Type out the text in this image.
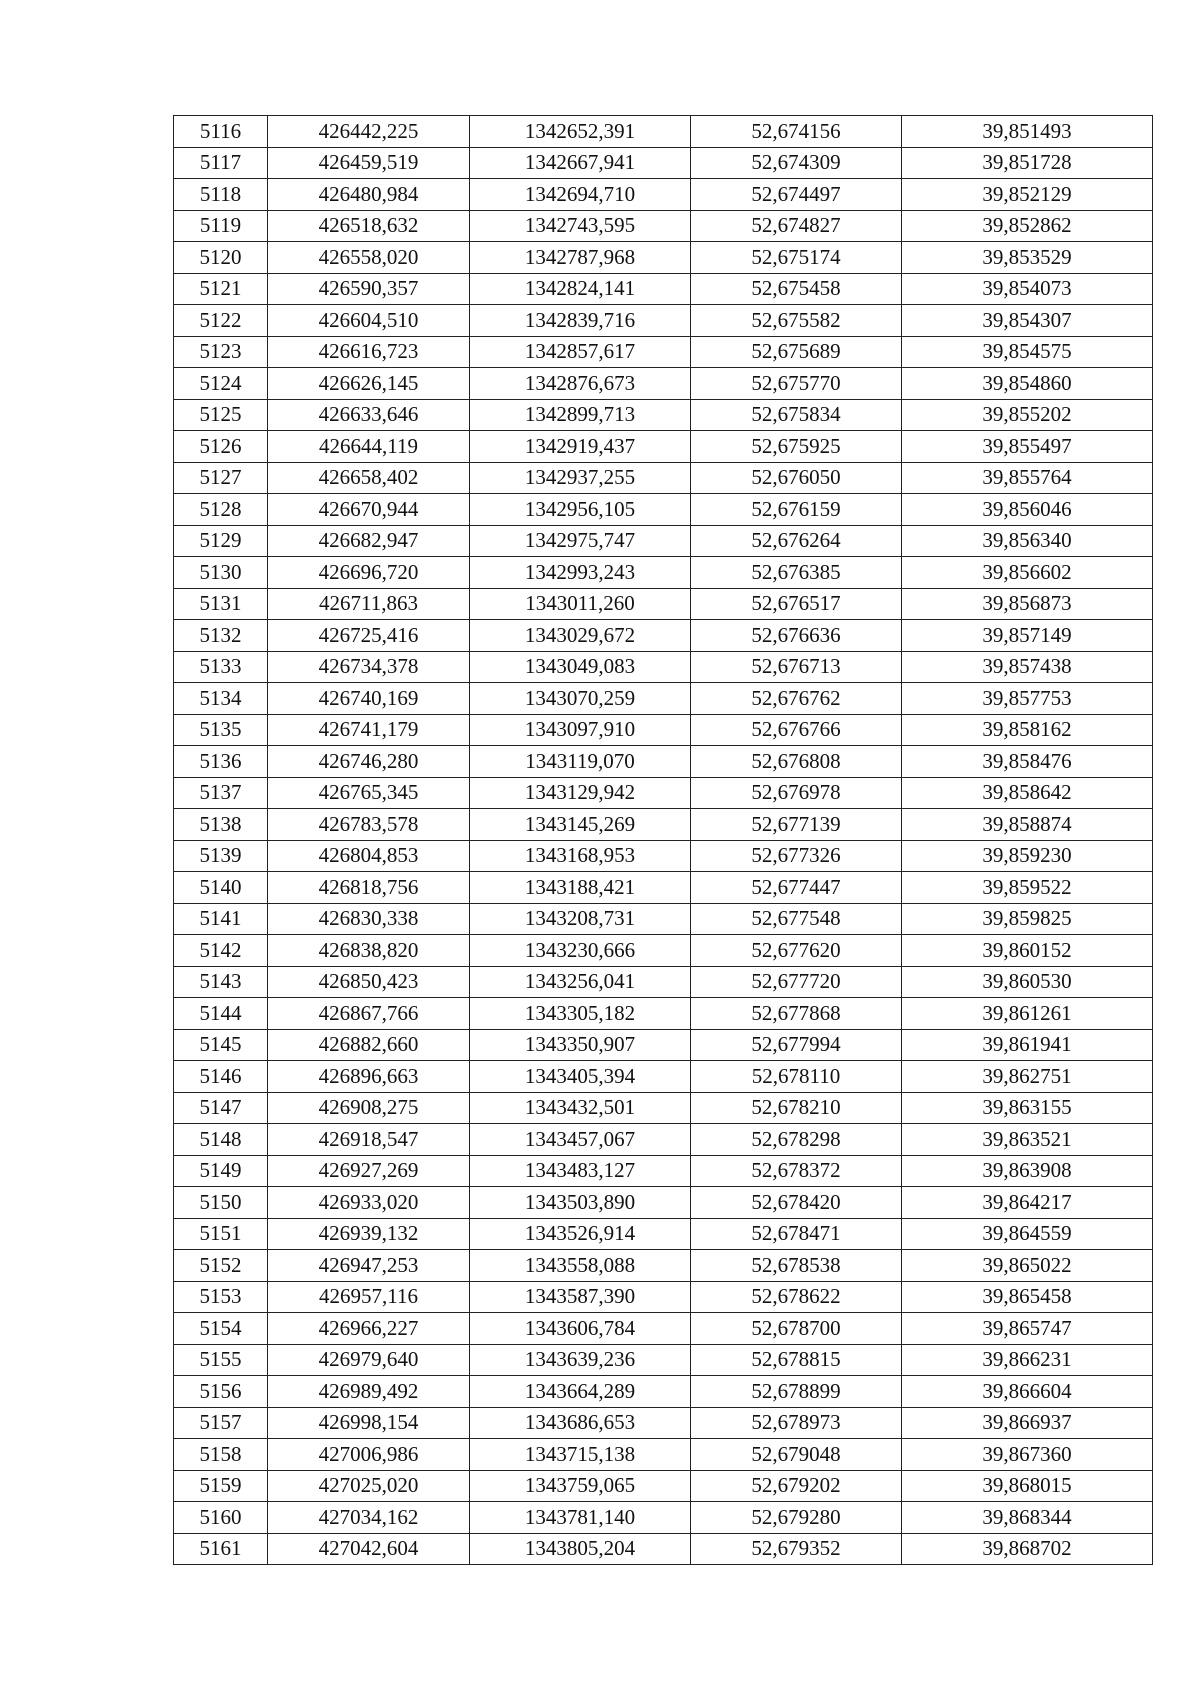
5116	426442,225	1342652,391	52,674156	39,851493
5117	426459,519	1342667,941	52,674309	39,851728
5118	426480,984	1342694,710	52,674497	39,852129
5119	426518,632	1342743,595	52,674827	39,852862
5120	426558,020	1342787,968	52,675174	39,853529
5121	426590,357	1342824,141	52,675458	39,854073
5122	426604,510	1342839,716	52,675582	39,854307
5123	426616,723	1342857,617	52,675689	39,854575
5124	426626,145	1342876,673	52,675770	39,854860
5125	426633,646	1342899,713	52,675834	39,855202
5126	426644,119	1342919,437	52,675925	39,855497
5127	426658,402	1342937,255	52,676050	39,855764
5128	426670,944	1342956,105	52,676159	39,856046
5129	426682,947	1342975,747	52,676264	39,856340
5130	426696,720	1342993,243	52,676385	39,856602
5131	426711,863	1343011,260	52,676517	39,856873
5132	426725,416	1343029,672	52,676636	39,857149
5133	426734,378	1343049,083	52,676713	39,857438
5134	426740,169	1343070,259	52,676762	39,857753
5135	426741,179	1343097,910	52,676766	39,858162
5136	426746,280	1343119,070	52,676808	39,858476
5137	426765,345	1343129,942	52,676978	39,858642
5138	426783,578	1343145,269	52,677139	39,858874
5139	426804,853	1343168,953	52,677326	39,859230
5140	426818,756	1343188,421	52,677447	39,859522
5141	426830,338	1343208,731	52,677548	39,859825
5142	426838,820	1343230,666	52,677620	39,860152
5143	426850,423	1343256,041	52,677720	39,860530
5144	426867,766	1343305,182	52,677868	39,861261
5145	426882,660	1343350,907	52,677994	39,861941
5146	426896,663	1343405,394	52,678110	39,862751
5147	426908,275	1343432,501	52,678210	39,863155
5148	426918,547	1343457,067	52,678298	39,863521
5149	426927,269	1343483,127	52,678372	39,863908
5150	426933,020	1343503,890	52,678420	39,864217
5151	426939,132	1343526,914	52,678471	39,864559
5152	426947,253	1343558,088	52,678538	39,865022
5153	426957,116	1343587,390	52,678622	39,865458
5154	426966,227	1343606,784	52,678700	39,865747
5155	426979,640	1343639,236	52,678815	39,866231
5156	426989,492	1343664,289	52,678899	39,866604
5157	426998,154	1343686,653	52,678973	39,866937
5158	427006,986	1343715,138	52,679048	39,867360
5159	427025,020	1343759,065	52,679202	39,868015
5160	427034,162	1343781,140	52,679280	39,868344
5161	427042,604	1343805,204	52,679352	39,868702
